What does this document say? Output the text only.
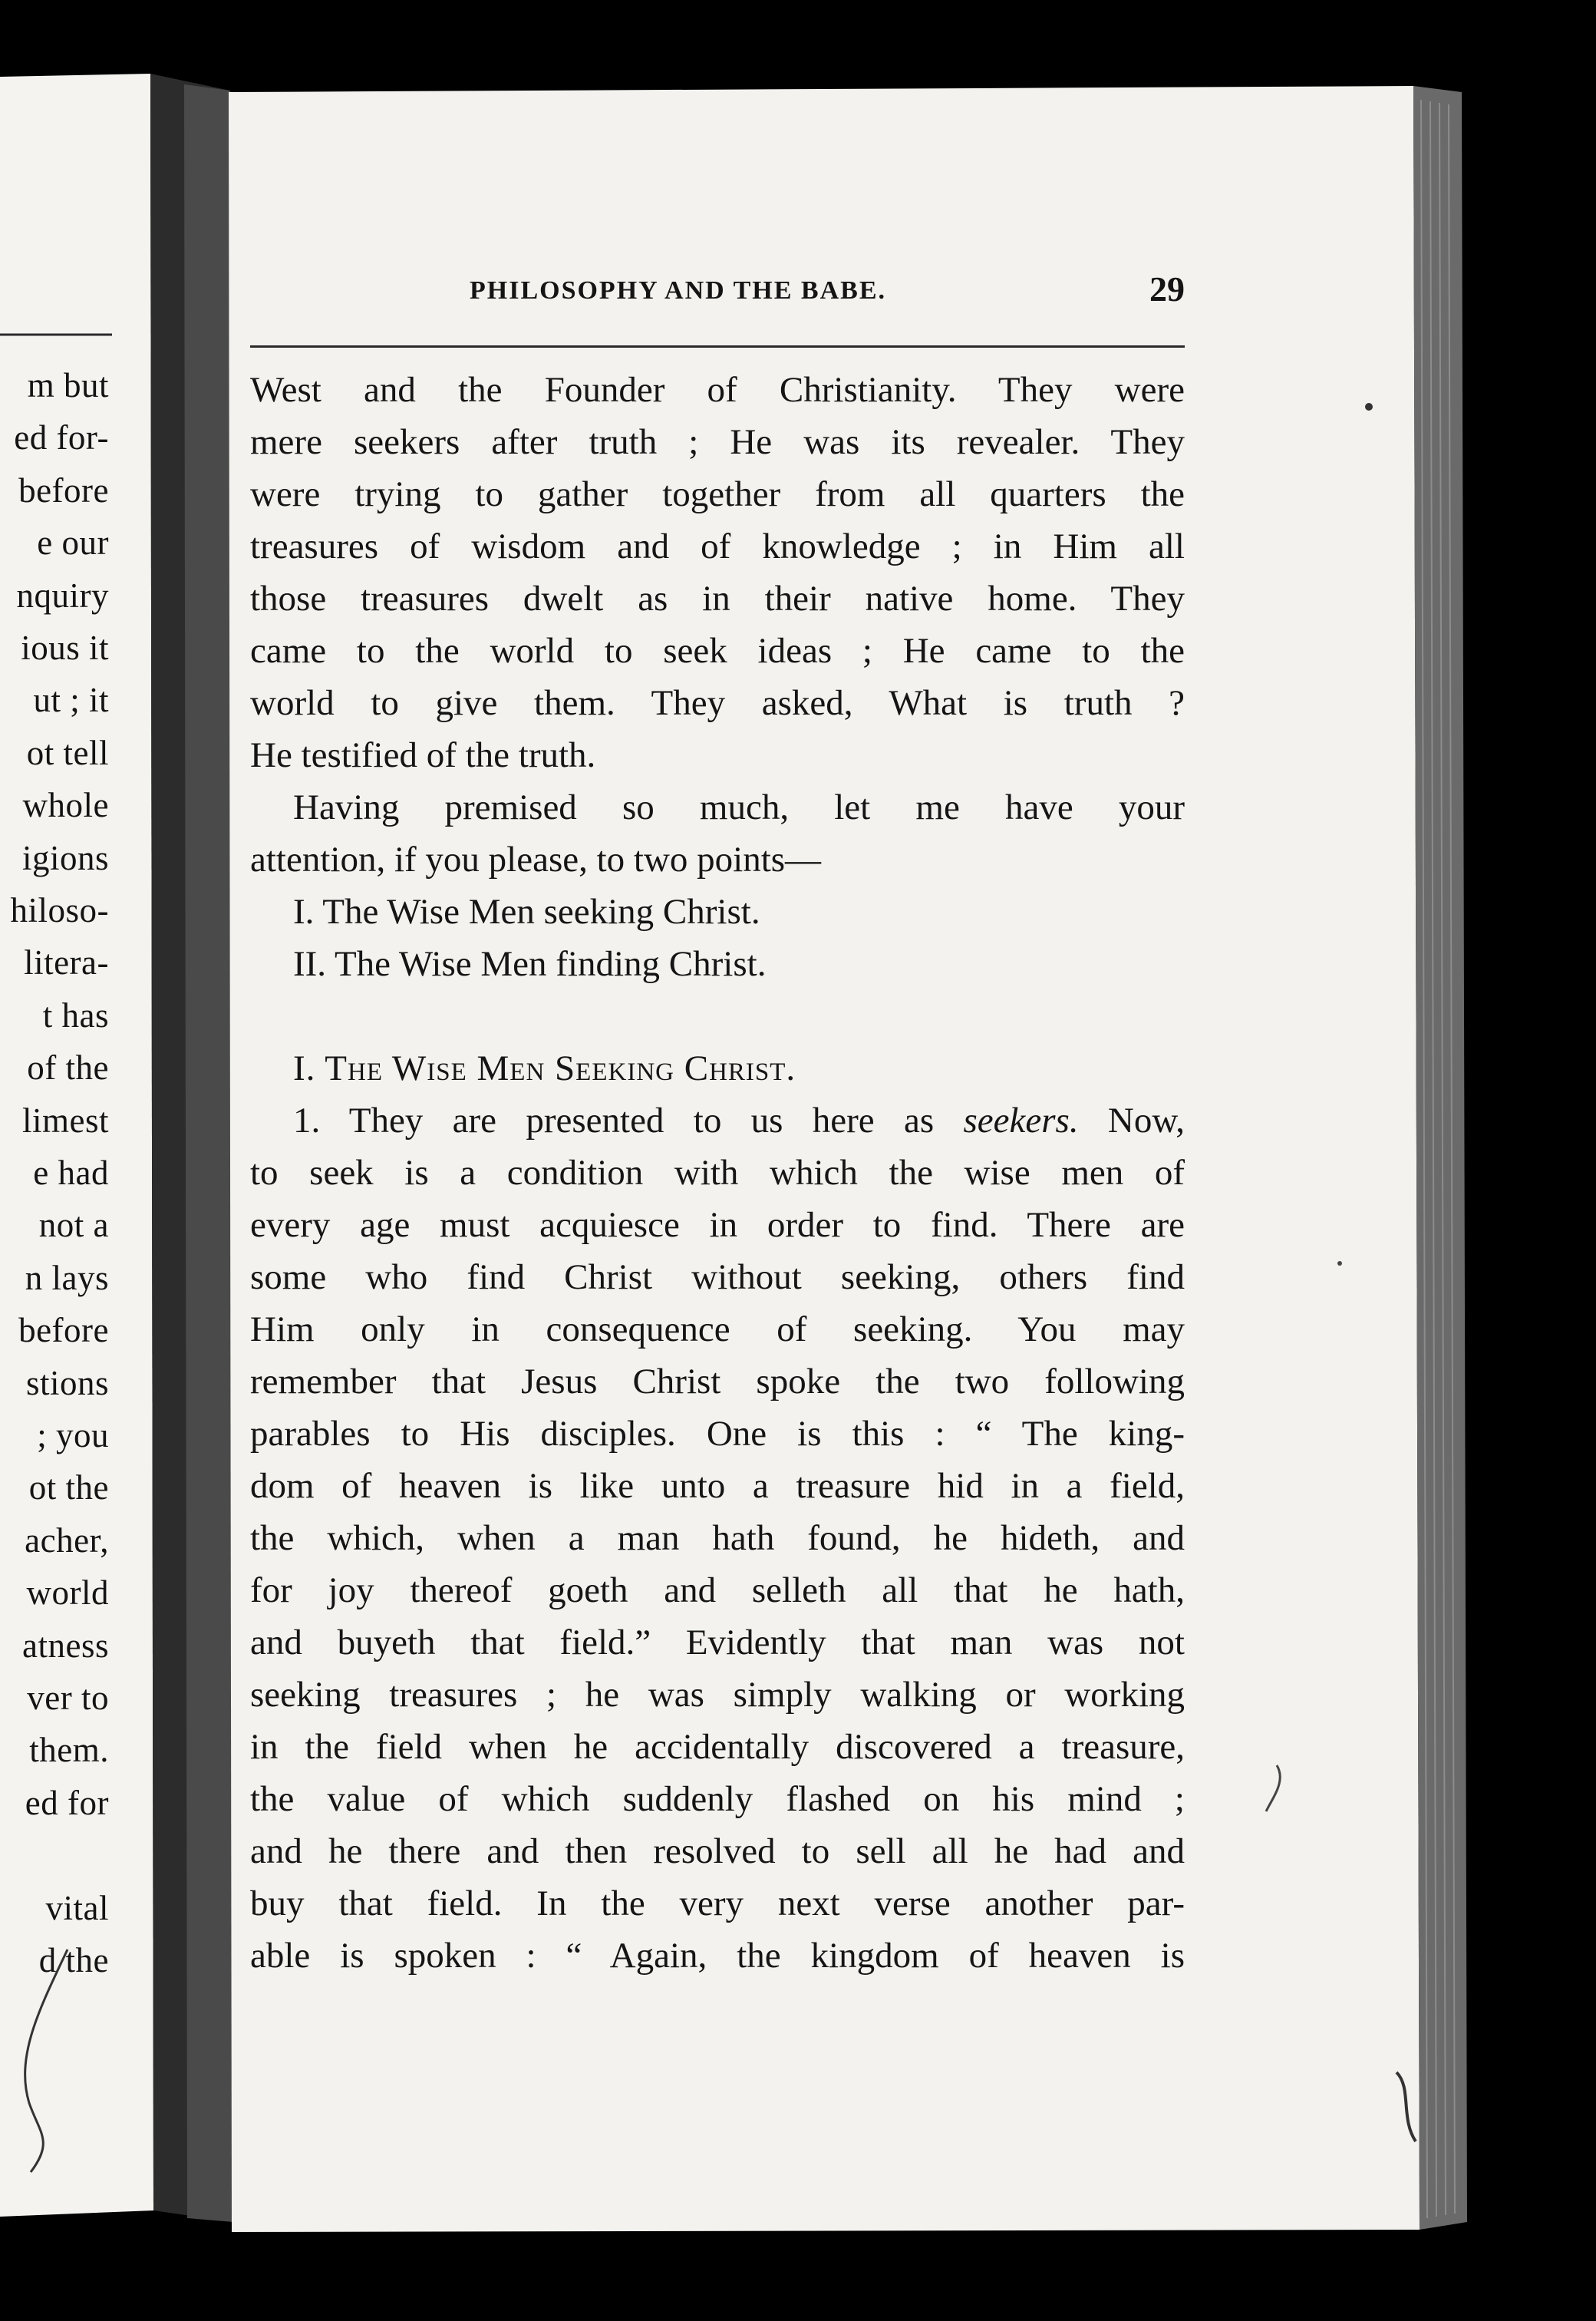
m but
ed for-
before
e our
nquiry
ious it
ut ; it
ot tell
whole
igions
hiloso-
litera-
t has
of the
limest
e had
not a
n lays
before
stions
; you
ot the
acher,
world
atness
ver to
them.
ed for
vital
d the
PHILOSOPHY AND THE BABE.	29
West and the Founder of Christianity. They were
mere seekers after truth ; He was its revealer. They
were trying to gather together from all quarters the
treasures of wisdom and of knowledge ; in Him all
those treasures dwelt as in their native home. They
came to the world to seek ideas ; He came to the
world to give them. They asked, What is truth ?
He testified of the truth.
Having premised so much, let me have your
attention, if you please, to two points—
I. The Wise Men seeking Christ.
II. The Wise Men finding Christ.
I. The Wise Men Seeking Christ.
1. They are presented to us here as seekers. Now,
to seek is a condition with which the wise men of
every age must acquiesce in order to find. There are
some who find Christ without seeking, others find
Him only in consequence of seeking. You may
remember that Jesus Christ spoke the two following
parables to His disciples. One is this : “ The king-
dom of heaven is like unto a treasure hid in a field,
the which, when a man hath found, he hideth, and
for joy thereof goeth and selleth all that he hath,
and buyeth that field.” Evidently that man was not
seeking treasures ; he was simply walking or working
in the field when he accidentally discovered a treasure,
the value of which suddenly flashed on his mind ;
and he there and then resolved to sell all he had and
buy that field. In the very next verse another par-
able is spoken : “ Again, the kingdom of heaven is
